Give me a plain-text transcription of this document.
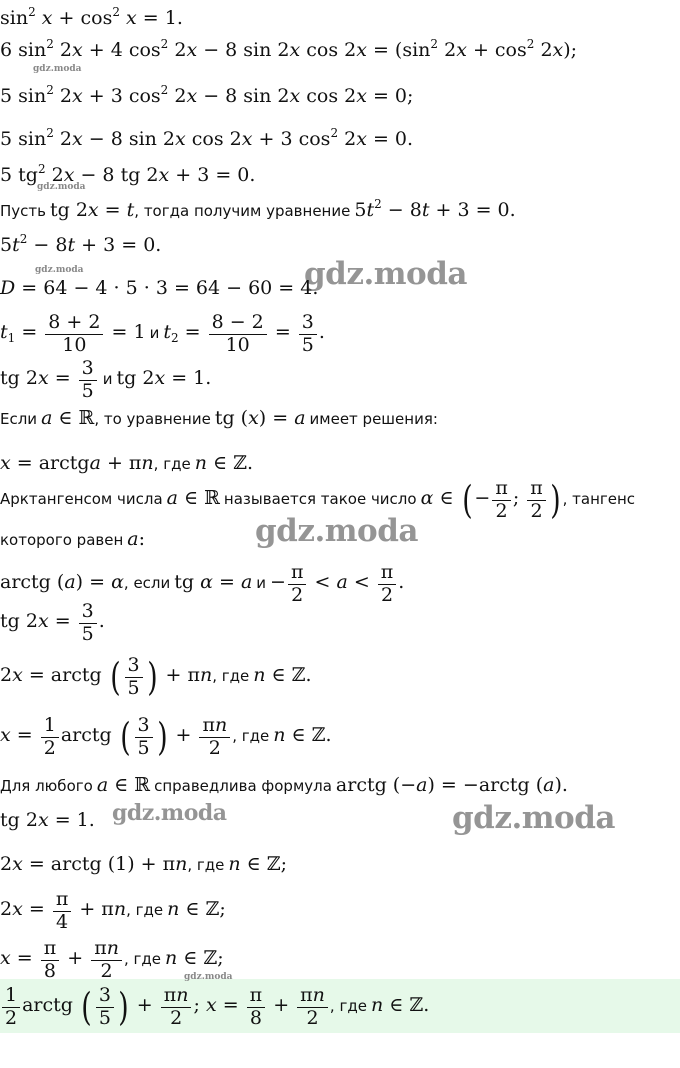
gdz.moda
gdz.moda
gdz.moda
gdz.moda
gdz.moda
gdz.moda
gdz.moda
gdz.moda
$\sin^2 x + \cos^2 x = 1$.
6 $\sin^2 2x + 4$ $\cos^2 2x - 8$ sin 2x $\cos 2x = (\sin^2$ $2x + \cos^2 2x$);
5 $\sin^2 2x + 3$ $\cos^2 2x - 8$ sin 2x cos 2x = 0;
5 $\sin^2 2x - 8$ sin 2x cos 2x + 3 $\cos^2 2x = 0$.
5 $tg^2$ 2x − 8 tg 2x + 3 = 0.
Пусть tg 2x = t, тогда получим уравнение $5t^2 - 8t + 3 = 0$.
$5t^2 - 8t + 3 = 0$.
D = 64 − 4 · 5 · 3 = 64 − 60 = 4.
$t_1 = \frac{8 + 2}{10} = 1$ и $t_2 = \frac{8 - 2}{10} = \frac{3}{5}$ .
tg $2x = \frac{3}{5}$ и tg 2x = 1.
Если a ∈ ℝ, то уравнение tg (x) = a имеет решения:
x = arctga + πn, где n ∈ ℤ.
Арктангенсом числа a ∈ ℝ называется такое число α ∈ ( − $\frac{\pi}{2}$ ; $\frac{\pi}{2}$ ) , тангенс
которого равен a:
arctg (a) = α, если tg α = a $и - \frac{\pi}{2} < a < \frac{\pi}{2}$ .
tg $2x = \frac{3}{5}$ .
2x = arctg ( $\frac{3}{5}$ ) + πn, где n ∈ ℤ.
$x = \frac{1}{2}$ arctg ( $\frac{3}{5}$ ) + $\frac{\pi n}{2}$ , где n ∈ ℤ.
Для любого a ∈ ℝ справедлива формула arctg (−a) = −arctg (a).
tg 2x = 1.
2x = arctg (1) + πn, где n ∈ ℤ;
$2x = \frac{\pi}{4} + \pi n$, где n ∈ ℤ;
$x = \frac{\pi}{8} + \frac{\pi n}{2}$ , где n ∈ ℤ;
$\frac{1}{2}$ arctg ( $\frac{3}{5}$ ) + $\frac{\pi n}{2}$ ; $x = \frac{\pi}{8} + \frac{\pi n}{2}$ , где n ∈ ℤ.
